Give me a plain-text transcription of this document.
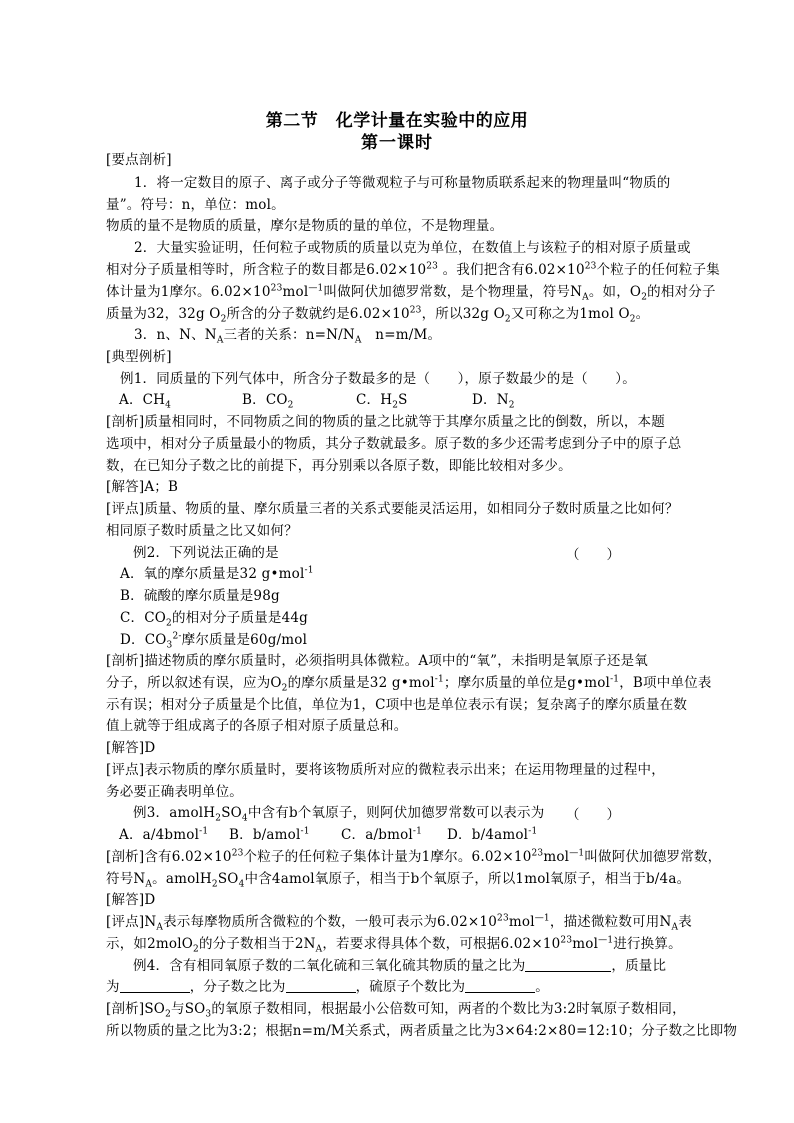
第二节　化学计量在实验中的应用
第一课时
[要点剖析]
1．将一定数目的原子、离子或分子等微观粒子与可称量物质联系起来的物理量叫“物质的
量”。符号：n，单位：mol。
物质的量不是物质的质量，摩尔是物质的量的单位，不是物理量。
2．大量实验证明，任何粒子或物质的质量以克为单位，在数值上与该粒子的相对原子质量或
相对分子质量相等时，所含粒子的数目都是$6.02\times 10^{23}$ 。我们把含有$6.02\times 10^{23}$个粒子的任何粒子集
体计量为1摩尔。$6.02\times 10^{23}mol^{—1}$叫做阿伏加德罗常数，是个物理量，符号$N_A$。如，$O_2$的相对分子
质量为32，32g $O_2$所含的分子数就约是$6.02\times 10^{23}$，所以32g $O_2$又可称之为1mol $O_2$。
3．n、N、$N_A$三者的关系：$n=N/N_A$　n=m/M。
[典型例析]
例1．同质量的下列气体中，所含分子数最多的是（　　），原子数最少的是（　　）。
A．$CH_4$	B．$CO_2$	C．$H_2S$	D．$N_2$
[剖析]质量相同时，不同物质之间的物质的量之比就等于其摩尔质量之比的倒数，所以，本题
选项中，相对分子质量最小的物质，其分子数就最多。原子数的多少还需考虑到分子中的原子总
数，在已知分子数之比的前提下，再分别乘以各原子数，即能比较相对多少。
[解答]A；B
[评点]质量、物质的量、摩尔质量三者的关系式要能灵活运用，如相同分子数时质量之比如何？
相同原子数时质量之比又如何？
例2．下列说法正确的是	（　　）
A．氧的摩尔质量是32 g•mol$^{-1}$
B．硫酸的摩尔质量是98g
C．$CO_2$的相对分子质量是44g
D．$CO_3^{2-}$摩尔质量是60g/mol
[剖析]描述物质的摩尔质量时，必须指明具体微粒。A项中的“氧”，未指明是氧原子还是氧
分子，所以叙述有误，应为$O_2$的摩尔质量是32 g•mol$^{-1}$；摩尔质量的单位是g•mol$^{-1}$，B项中单位表
示有误；相对分子质量是个比值，单位为1，C项中也是单位表示有误；复杂离子的摩尔质量在数
值上就等于组成离子的各原子相对原子质量总和。
[解答]D
[评点]表示物质的摩尔质量时，要将该物质所对应的微粒表示出来；在运用物理量的过程中，
务必要正确表明单位。
例3．$amolH_2SO_4$中含有b个氧原子，则阿伏加德罗常数可以表示为 （　　）
A．a/4bmol$^{-1}$ B．b/amol$^{-1}$ C．a/bmol$^{-1}$ D．b/4amol$^{-1}$
[剖析]含有$6.02\times 10^{23}$个粒子的任何粒子集体计量为1摩尔。$6.02\times 10^{23}mol^{—1}$叫做阿伏加德罗常数，
符号$N_A$。$amolH_2SO_4$中含4amol氧原子，相当于b个氧原子，所以1mol氧原子，相当于b/4a。
[解答]D
[评点]$N_A$表示每摩物质所含微粒的个数，一般可表示为$6.02\times 10^{23}mol^{—1}$，描述微粒数可用$N_A$表
示，如2molO$_2$的分子数相当于$2N_A$，若要求得具体个数，可根据$6.02\times 10^{23}mol^{—1}$进行换算。
例4．含有相同氧原子数的二氧化硫和三氧化硫其物质的量之比为	，质量比
为	，分子数之比为	，硫原子个数比为	。
[剖析]$SO_2$与$SO_3$的氧原子数相同，根据最小公倍数可知，两者的个数比为3:2时氧原子数相同，
所以物质的量之比为3:2；根据n=m/M关系式，两者质量之比为3×64:2×80=12:10；分子数之比即物
